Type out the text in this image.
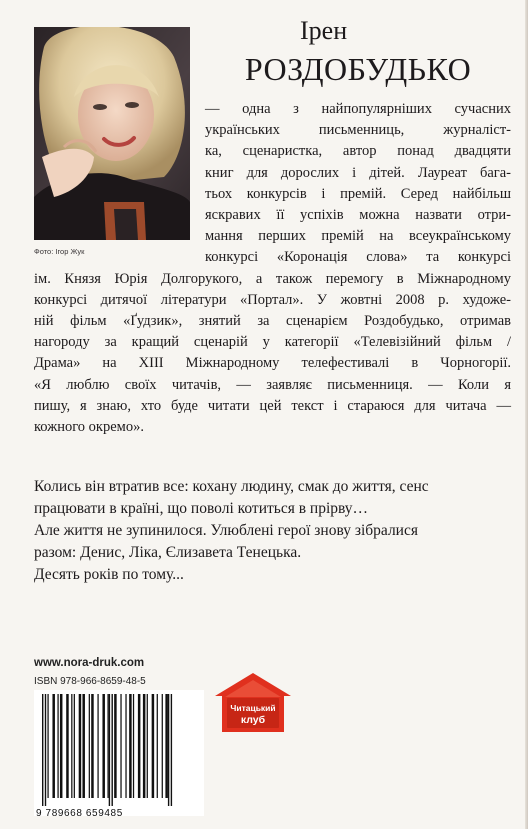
Фото: Ігор Жук
Ірен
РОЗДОБУДЬКО

— одна з найпопулярніших сучасних

українських письменниць, журналіст-

ка, сценаристка, автор понад двадцяти

книг для дорослих і дітей. Лауреат бага-

тьох конкурсів і премій. Серед найбільш

яскравих її успіхів можна назвати отри-

мання перших премій на всеукраїнському

конкурсі «Коронація слова» та конкурсі

ім. Князя Юрія Долгорукого, а також перемогу в Міжнародному

конкурсі дитячої літератури «Портал». У жовтні 2008 р. художе-

ній фільм «Ґудзик», знятий за сценарієм Роздобудько, отримав

нагороду за кращий сценарій у категорії «Телевізійний фільм /

Драма» на XIII Міжнародному телефестивалі в Чорногорії.

«Я люблю своїх читачів, — заявляє письменниця. — Коли я

пишу, я знаю, хто буде читати цей текст і стараюся для читача —

кожного окремо».

Колись він втратив все: кохану людину, смак до життя, сенс

працювати в країні, що поволі котиться в прірву…

Але життя не зупинилося. Улюблені герої знову зібралися

разом: Денис, Ліка, Єлизавета Тенецька.

Десять років по тому...

www.nora-druk.com
ISBN 978-966-8659-48-5
9 789668 659485
Читацький
клуб
